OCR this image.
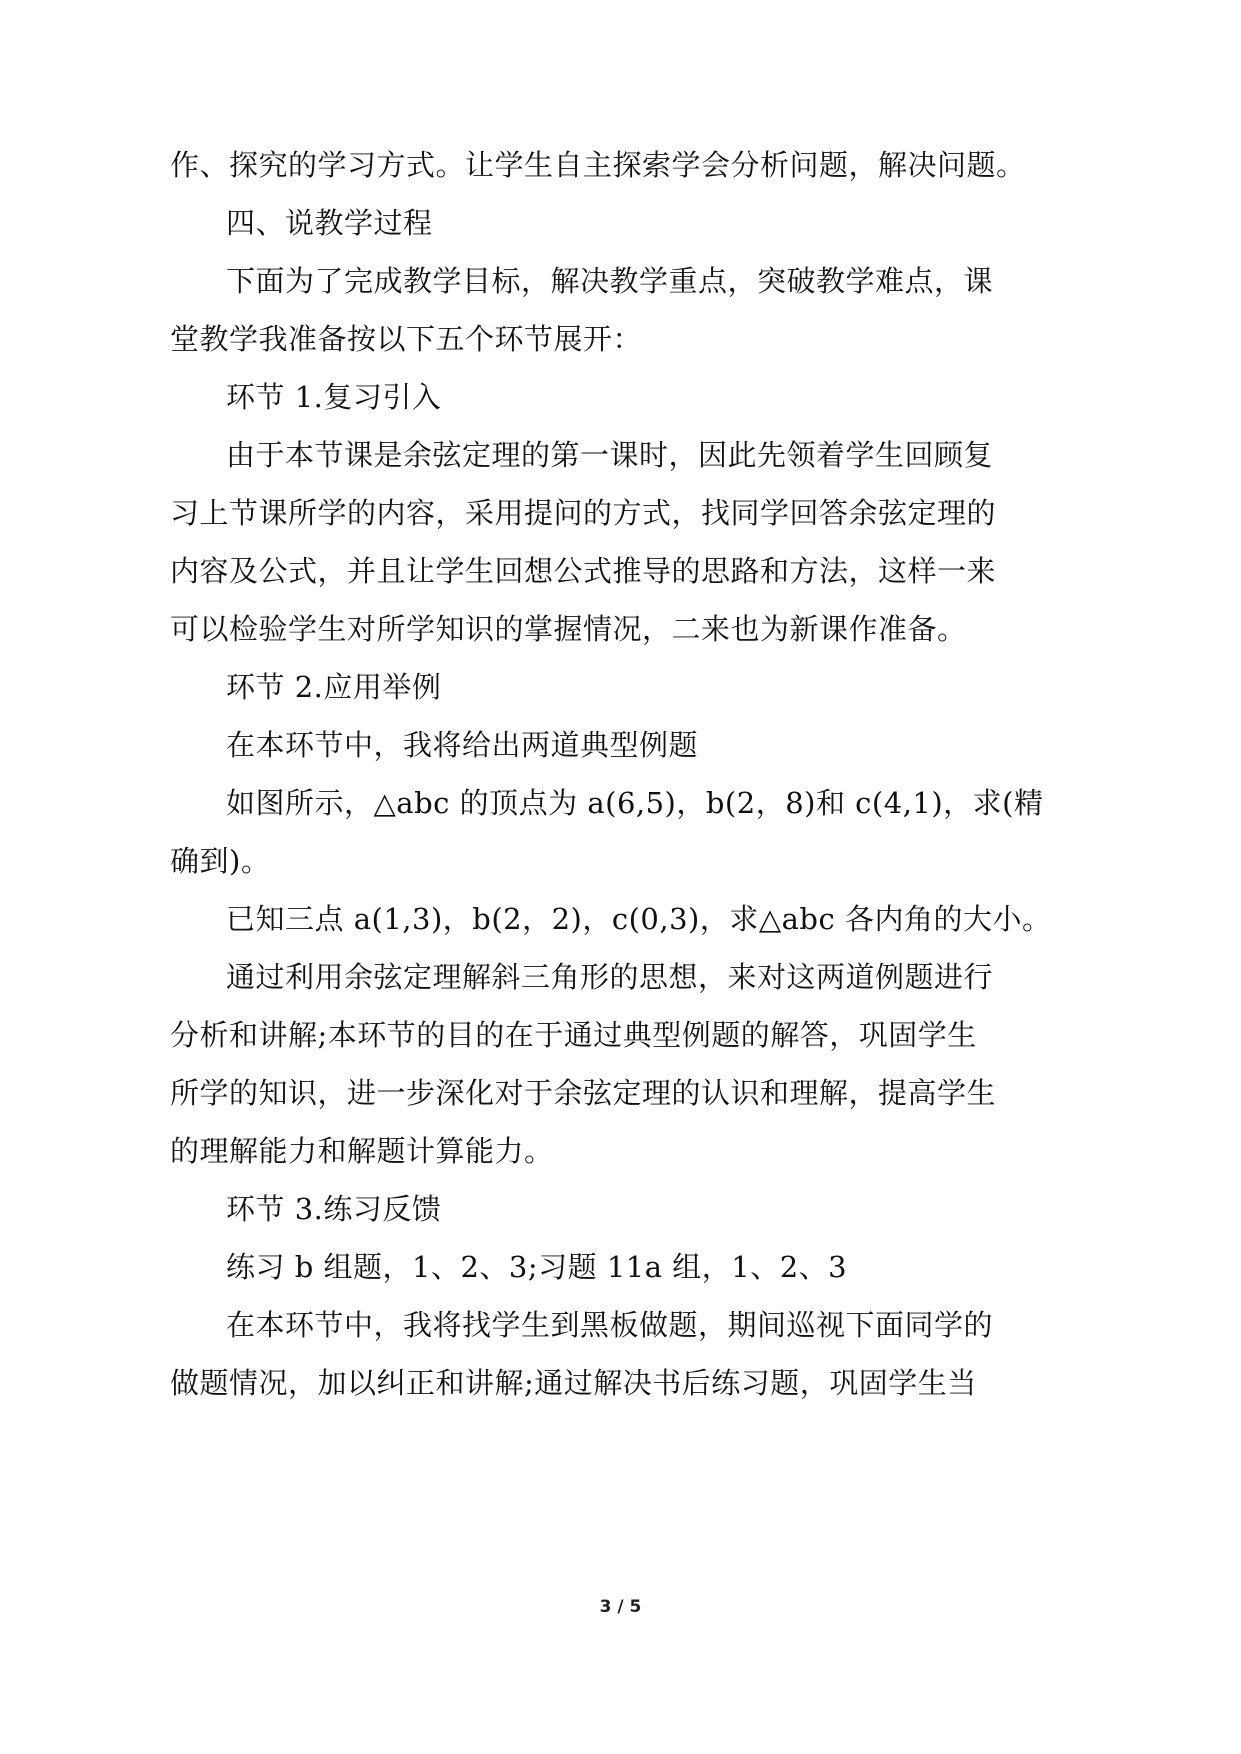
作、探究的学习方式。让学生自主探索学会分析问题，解决问题。
四、说教学过程
下面为了完成教学目标，解决教学重点，突破教学难点，课
堂教学我准备按以下五个环节展开：
环节 1.复习引入
由于本节课是余弦定理的第一课时，因此先领着学生回顾复
习上节课所学的内容，采用提问的方式，找同学回答余弦定理的
内容及公式，并且让学生回想公式推导的思路和方法，这样一来
可以检验学生对所学知识的掌握情况，二来也为新课作准备。
环节 2.应用举例
在本环节中，我将给出两道典型例题
如图所示，△abc 的顶点为 a(6,5)，b(2，8)和 c(4,1)，求(精
确到)。
已知三点 a(1,3)，b(2，2)，c(0,3)，求△abc 各内角的大小。
通过利用余弦定理解斜三角形的思想，来对这两道例题进行
分析和讲解;本环节的目的在于通过典型例题的解答，巩固学生
所学的知识，进一步深化对于余弦定理的认识和理解，提高学生
的理解能力和解题计算能力。
环节 3.练习反馈
练习 b 组题，1、2、3;习题 11a 组，1、2、3
在本环节中，我将找学生到黑板做题，期间巡视下面同学的
做题情况，加以纠正和讲解;通过解决书后练习题，巩固学生当
3 / 5
